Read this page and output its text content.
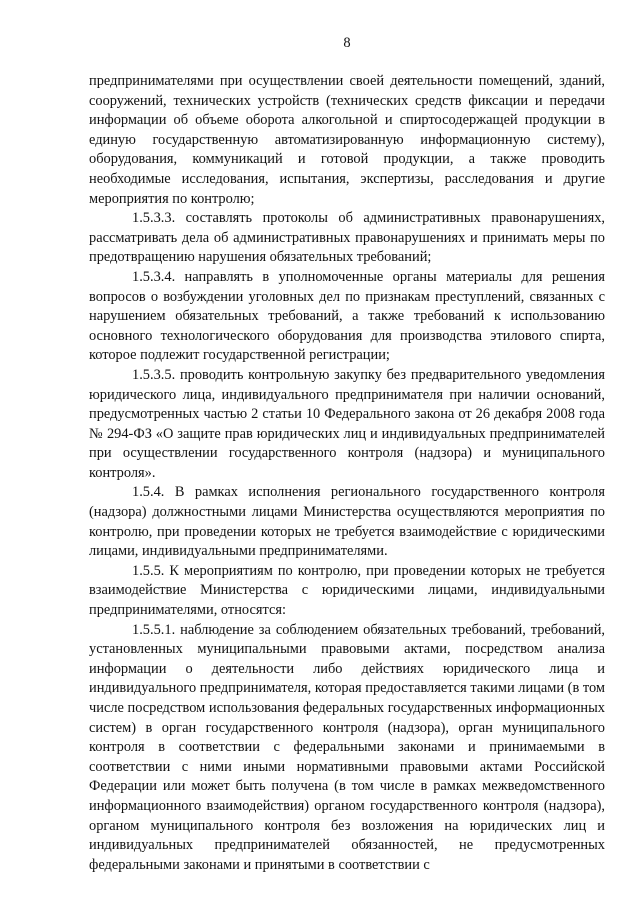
8

предпринимателями при осуществлении своей деятельности помещений, зданий, сооружений, технических устройств (технических средств фиксации и передачи информации об объеме оборота алкогольной и спиртосодержащей продукции в единую государственную автоматизированную информационную систему), оборудования, коммуникаций и готовой продукции, а также проводить необходимые исследования, испытания, экспертизы, расследования и другие мероприятия по контролю;

1.5.3.3. составлять протоколы об административных правонарушениях, рассматривать дела об административных правонарушениях и принимать меры по предотвращению нарушения обязательных требований;

1.5.3.4. направлять в уполномоченные органы материалы для решения вопросов о возбуждении уголовных дел по признакам преступлений, связанных с нарушением обязательных требований, а также требований к использованию основного технологического оборудования для производства этилового спирта, которое подлежит государственной регистрации;

1.5.3.5. проводить контрольную закупку без предварительного уведомления юридического лица, индивидуального предпринимателя при наличии оснований, предусмотренных частью 2 статьи 10 Федерального закона от 26 декабря 2008 года № 294-ФЗ «О защите прав юридических лиц и индивидуальных предпринимателей при осуществлении государственного контроля (надзора) и муниципального контроля».

1.5.4. В рамках исполнения регионального государственного контроля (надзора) должностными лицами Министерства осуществляются мероприятия по контролю, при проведении которых не требуется взаимодействие с юридическими лицами, индивидуальными предпринимателями.

1.5.5. К мероприятиям по контролю, при проведении которых не требуется взаимодействие Министерства с юридическими лицами, индивидуальными предпринимателями, относятся:

1.5.5.1. наблюдение за соблюдением обязательных требований, требований, установленных муниципальными правовыми актами, посредством анализа информации о деятельности либо действиях юридического лица и индивидуального предпринимателя, которая предоставляется такими лицами (в том числе посредством использования федеральных государственных информационных систем) в орган государственного контроля (надзора), орган муниципального контроля в соответствии с федеральными законами и принимаемыми в соответствии с ними иными нормативными правовыми актами Российской Федерации или может быть получена (в том числе в рамках межведомственного информационного взаимодействия) органом государственного контроля (надзора), органом муниципального контроля без возложения на юридических лиц и индивидуальных предпринимателей обязанностей, не предусмотренных федеральными законами и принятыми в соответствии с
